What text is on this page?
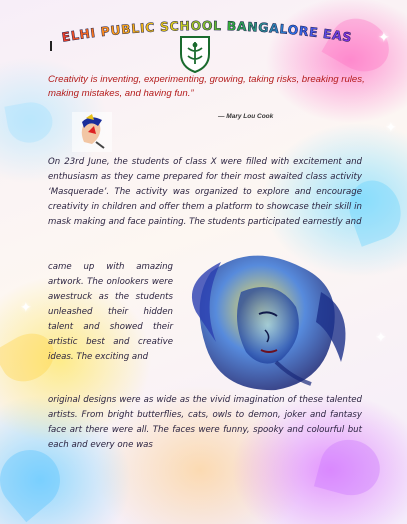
✦
✦
✦
✦
DELHI PUBLIC SCHOOL BANGALORE EAST
Creativity is inventing, experimenting, growing, taking risks, breaking rules, making mistakes, and having fun.”
— Mary Lou Cook
On 23rd June, the students of class X were filled with excitement and enthusiasm as they came prepared for their most awaited class activity ‘Masquerade’. The activity was organized to explore and encourage creativity in children and offer them a platform to showcase their skill in mask making and face painting. The students participated earnestly and
came up with amazing artwork. The onlookers were awestruck as the students unleashed their hidden talent and showed their artistic best and creative ideas. The exciting and
original designs were as wide as the vivid imagination of these talented artists. From bright butterflies, cats, owls to demon, joker and fantasy face art there were all. The faces were funny, spooky and colourful but each and every one was
